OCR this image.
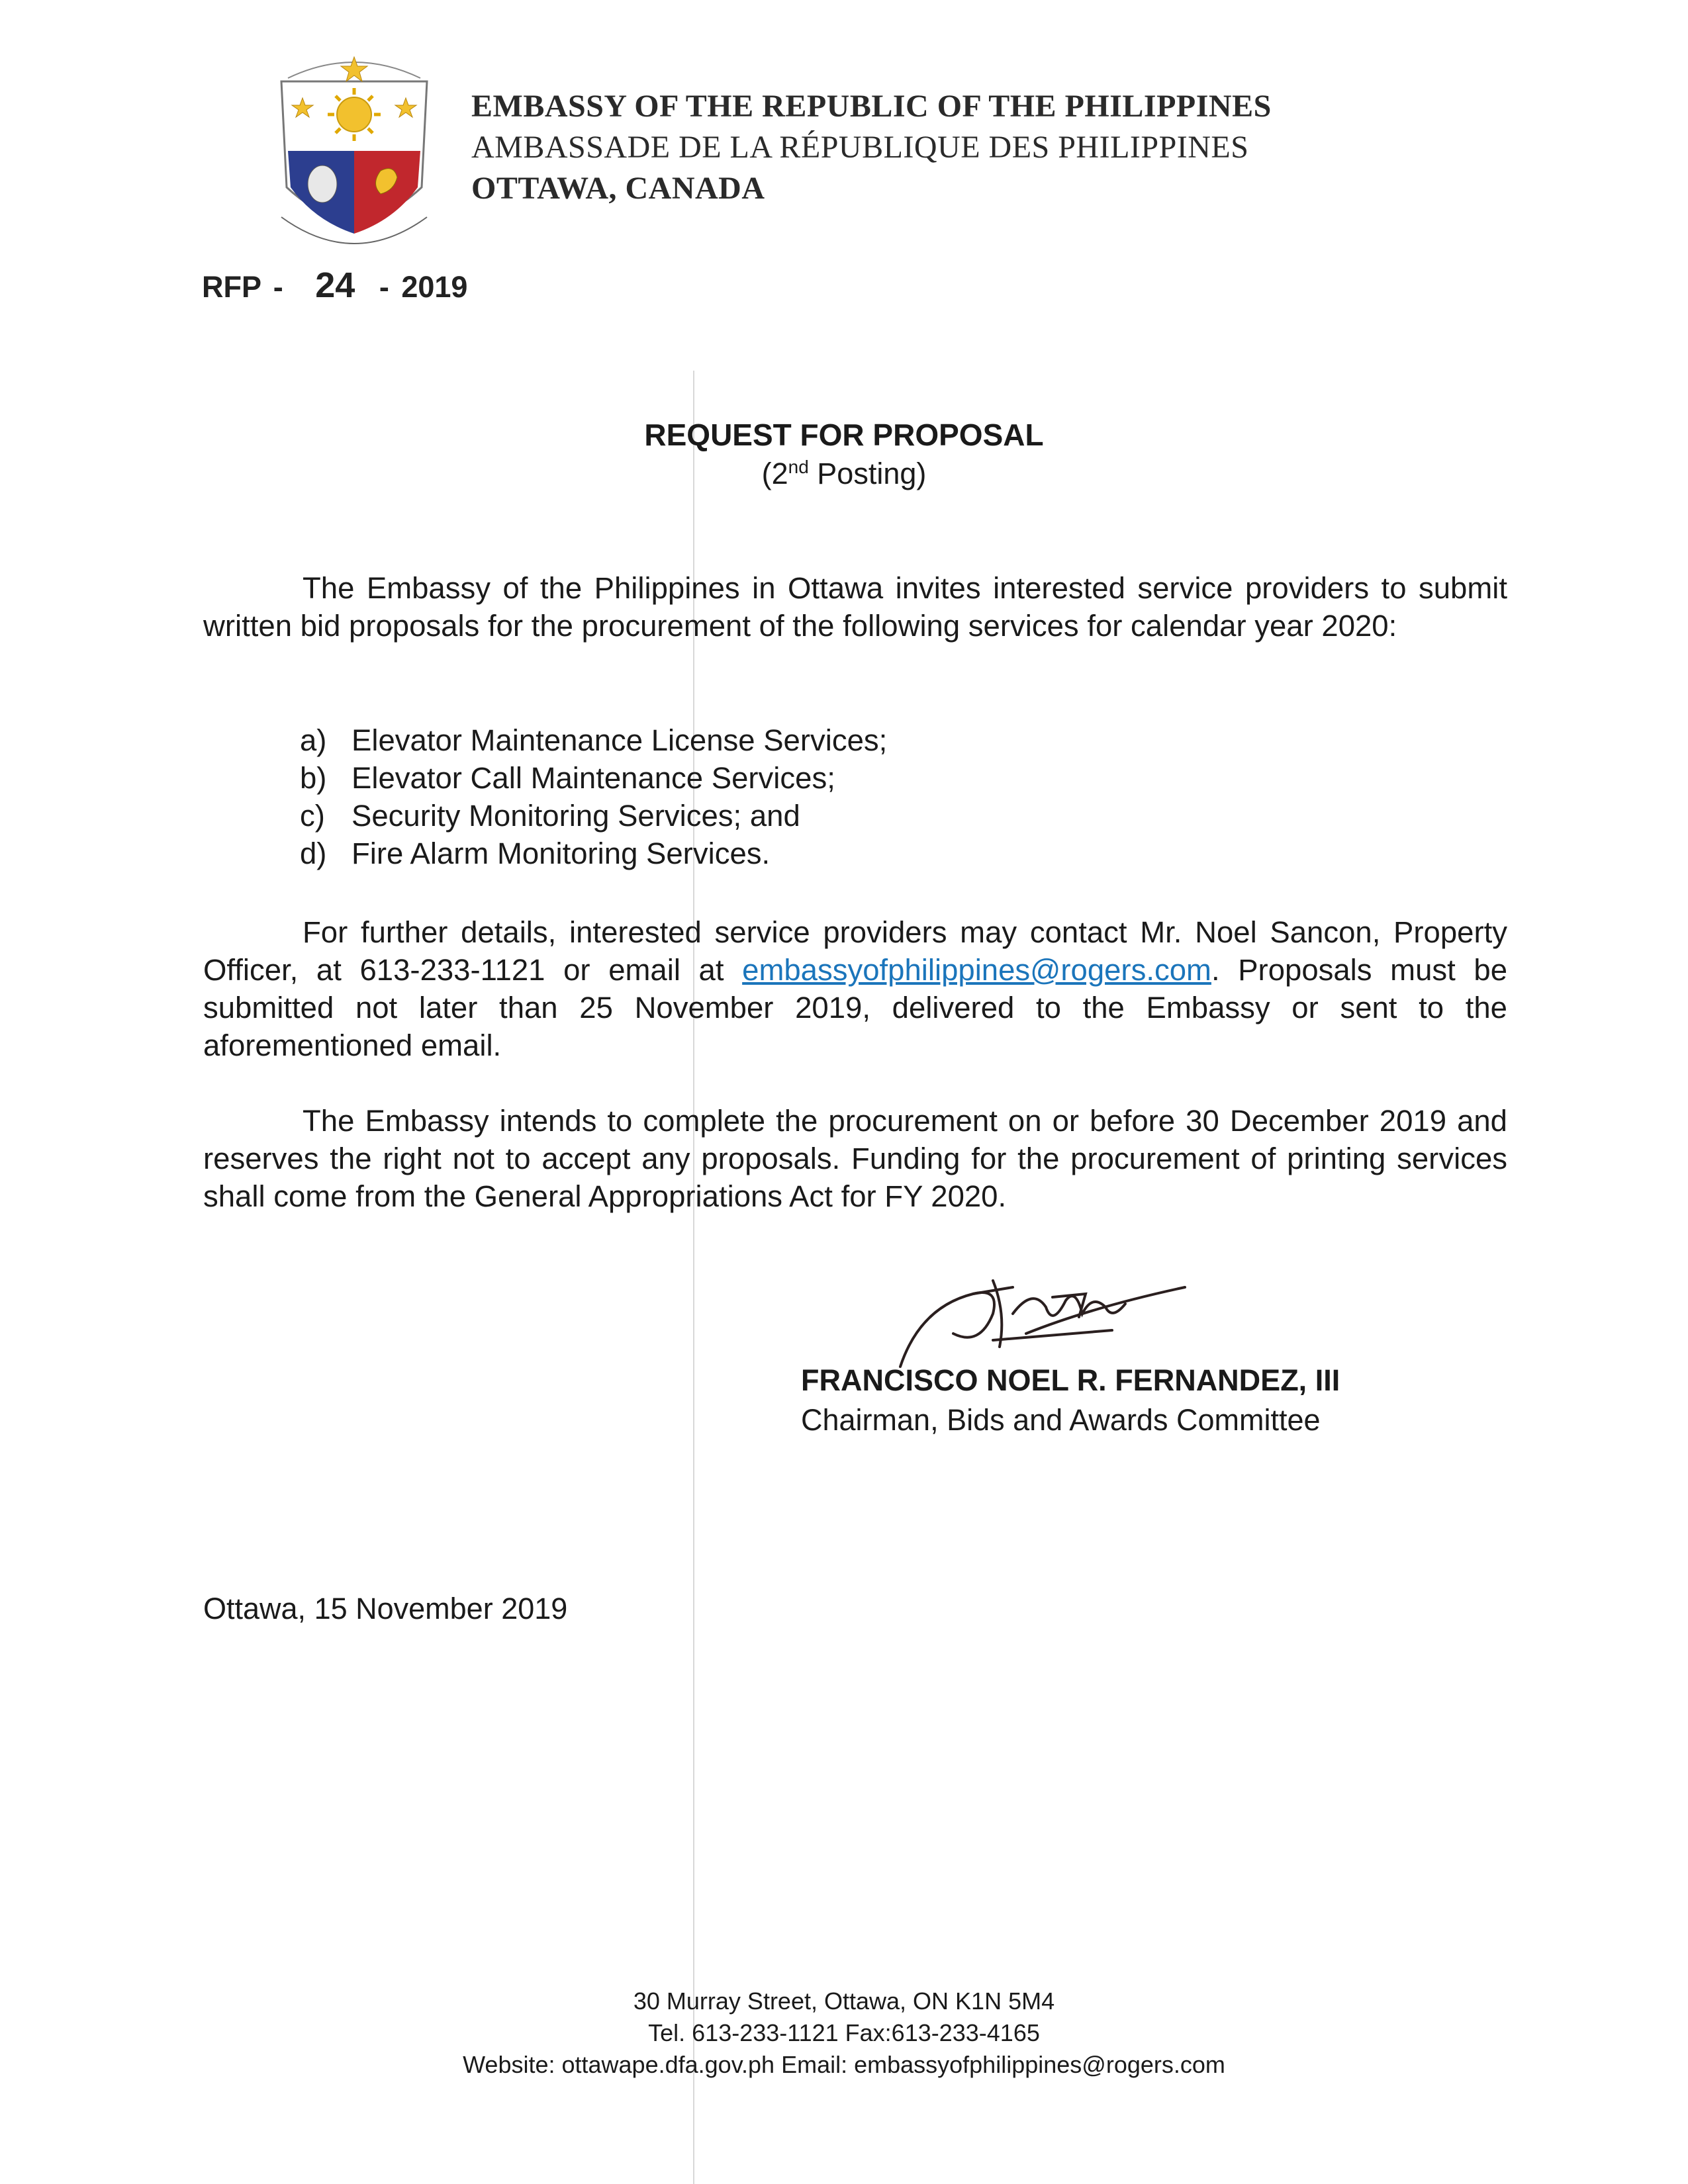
EMBASSY OF THE REPUBLIC OF THE PHILIPPINES
AMBASSADE DE LA RÉPUBLIQUE DES PHILIPPINES
OTTAWA, CANADA
RFP - 24 - 2019
REQUEST FOR PROPOSAL
(2nd Posting)
The Embassy of the Philippines in Ottawa invites interested service providers to submit written bid proposals for the procurement of the following services for calendar year 2020:
a) Elevator Maintenance License Services;
b) Elevator Call Maintenance Services;
c) Security Monitoring Services; and
d) Fire Alarm Monitoring Services.
For further details, interested service providers may contact Mr. Noel Sancon, Property Officer, at 613-233-1121 or email at embassyofphilippines@rogers.com. Proposals must be submitted not later than 25 November 2019, delivered to the Embassy or sent to the aforementioned email.
The Embassy intends to complete the procurement on or before 30 December 2019 and reserves the right not to accept any proposals. Funding for the procurement of printing services shall come from the General Appropriations Act for FY 2020.
FRANCISCO NOEL R. FERNANDEZ, III
Chairman, Bids and Awards Committee
Ottawa, 15 November 2019
30 Murray Street, Ottawa, ON K1N 5M4
Tel. 613-233-1121 Fax:613-233-4165
Website: ottawape.dfa.gov.ph Email: embassyofphilippines@rogers.com
